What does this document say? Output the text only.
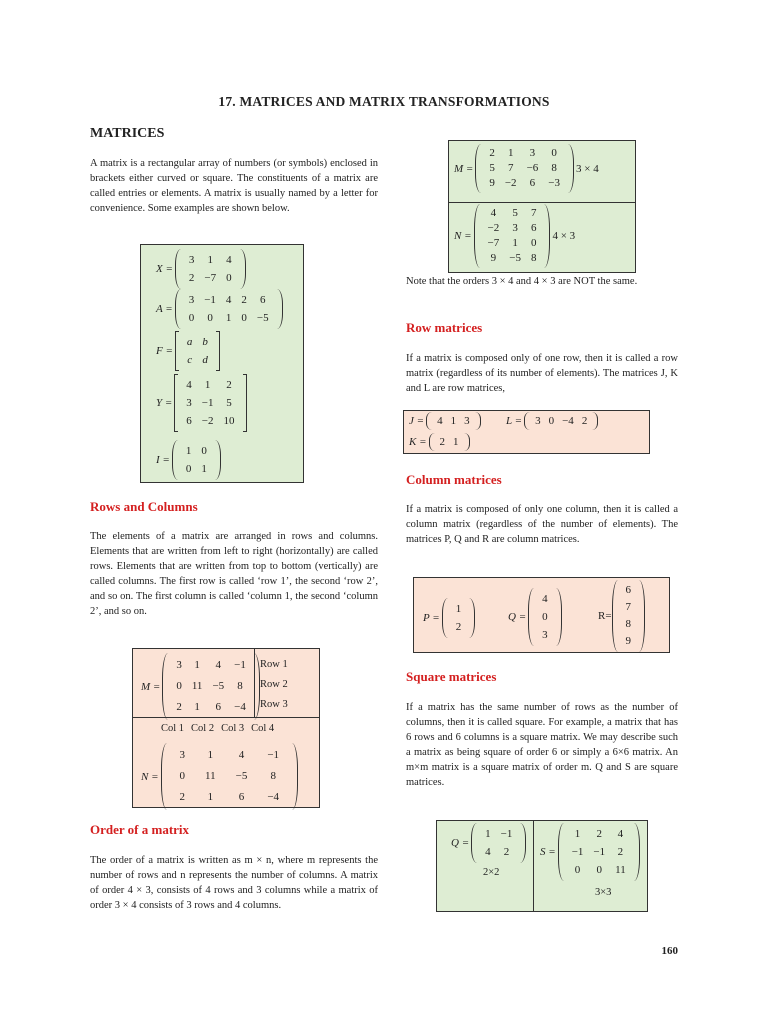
17. MATRICES AND MATRIX TRANSFORMATIONS
MATRICES
A matrix is a rectangular array of numbers (or symbols) enclosed in brackets either curved or square. The constituents of a matrix are called entries or elements. A matrix is usually named by a letter for convenience. Some examples are shown below.
X =
3	1	4
2	−7	0
A =
3	−1	4	2	6
0	0	1	0	−5
F =
a	b
c	d
Y =
4	1	2
3	−1	5
6	−2	10
I =
1	0
0	1
Rows and Columns
The elements of a matrix are arranged in rows and columns. Elements that are written from left to right (horizontally) are called rows. Elements that are written from top to bottom (vertically) are called columns. The first row is called ‘row 1’, the second ‘row 2’, and so on. The first column is called ‘column 1, the second ‘column 2’, and so on.
M =
3	1	4	−1
0	11	−5	8
2	1	6	−4
Row 1
Row 2
Row 3
Col 1 Col 2 Col 3 Col 4
N =
3	1	4	−1
0	11	−5	8
2	1	6	−4
Order of a matrix
The order of a matrix is written as m × n, where m represents the number of rows and n represents the number of columns. A matrix of order 4 × 3, consists of 4 rows and 3 columns while a matrix of order 3 × 4 consists of 3 rows and 4 columns.
M =
2	1	3	0
5	7	−6	8
9	−2	6	−3
3 × 4
N =
4	5	7
−2	3	6
−7	1	0
9	−5	8
4 × 3
Note that the orders 3 × 4 and 4 × 3 are NOT the same.
Row matrices
If a matrix is composed only of one row, then it is called a row matrix (regardless of its number of elements). The matrices J, K and L are row matrices,
J = 4	1	3	L = 3	0	−4	2
K = 2	1
Column matrices
If a matrix is composed of only one column, then it is called a column matrix (regardless of the number of elements). The matrices P, Q and R are column matrices.
P =
1
2
Q =
4
0
3
R=
6
7
8
9
Square matrices
If a matrix has the same number of rows as the number of columns, then it is called square. For example, a matrix that has 6 rows and 6 columns is a square matrix. We may describe such a matrix as being square of order 6 or simply a 6×6 matrix. An m×m matrix is a square matrix of order m. Q and S are square matrices.
Q =
1	−1
4	2
2×2
S =
1	2	4
−1	−1	2
0	0	11
3×3
160
